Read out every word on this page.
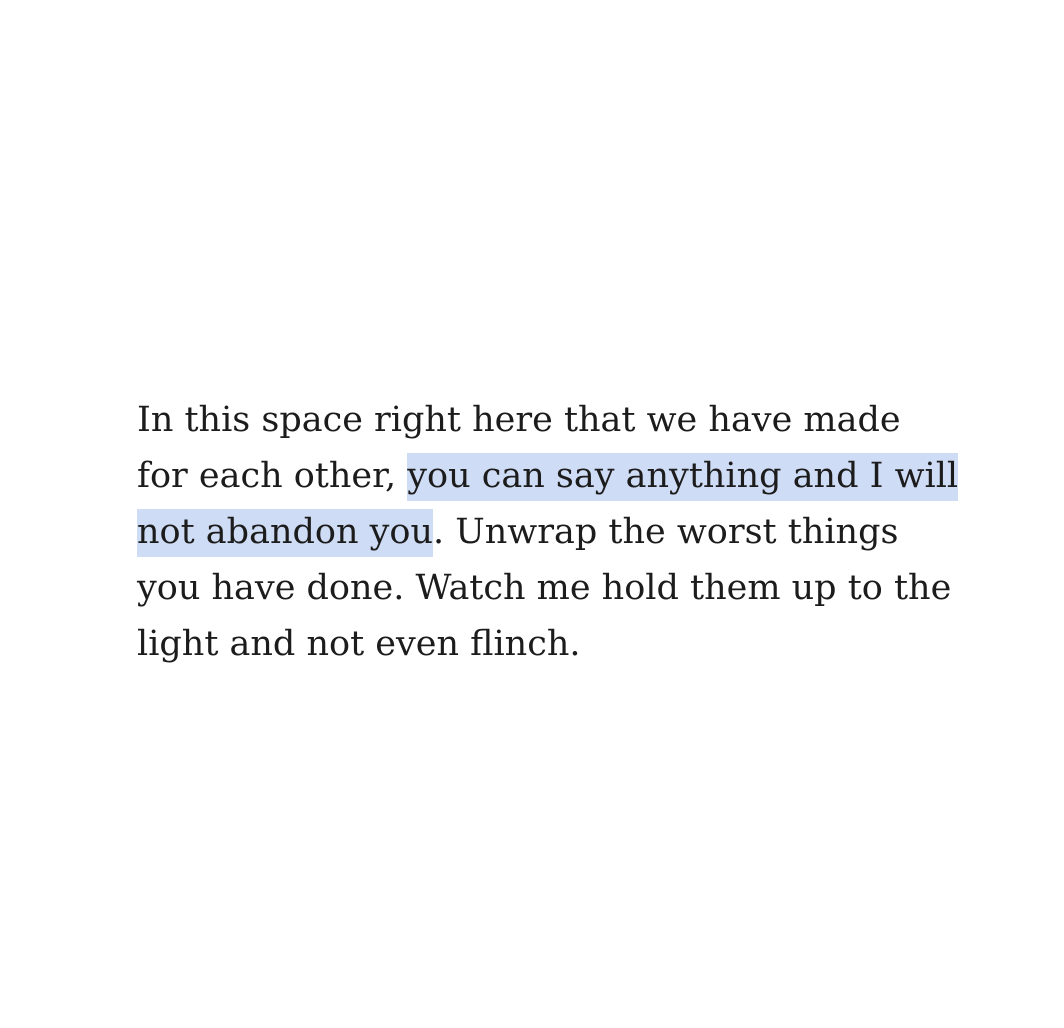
In this space right here that we have made
for each other, you can say anything and I will
not abandon you. Unwrap the worst things
you have done. Watch me hold them up to the
light and not even flinch.
